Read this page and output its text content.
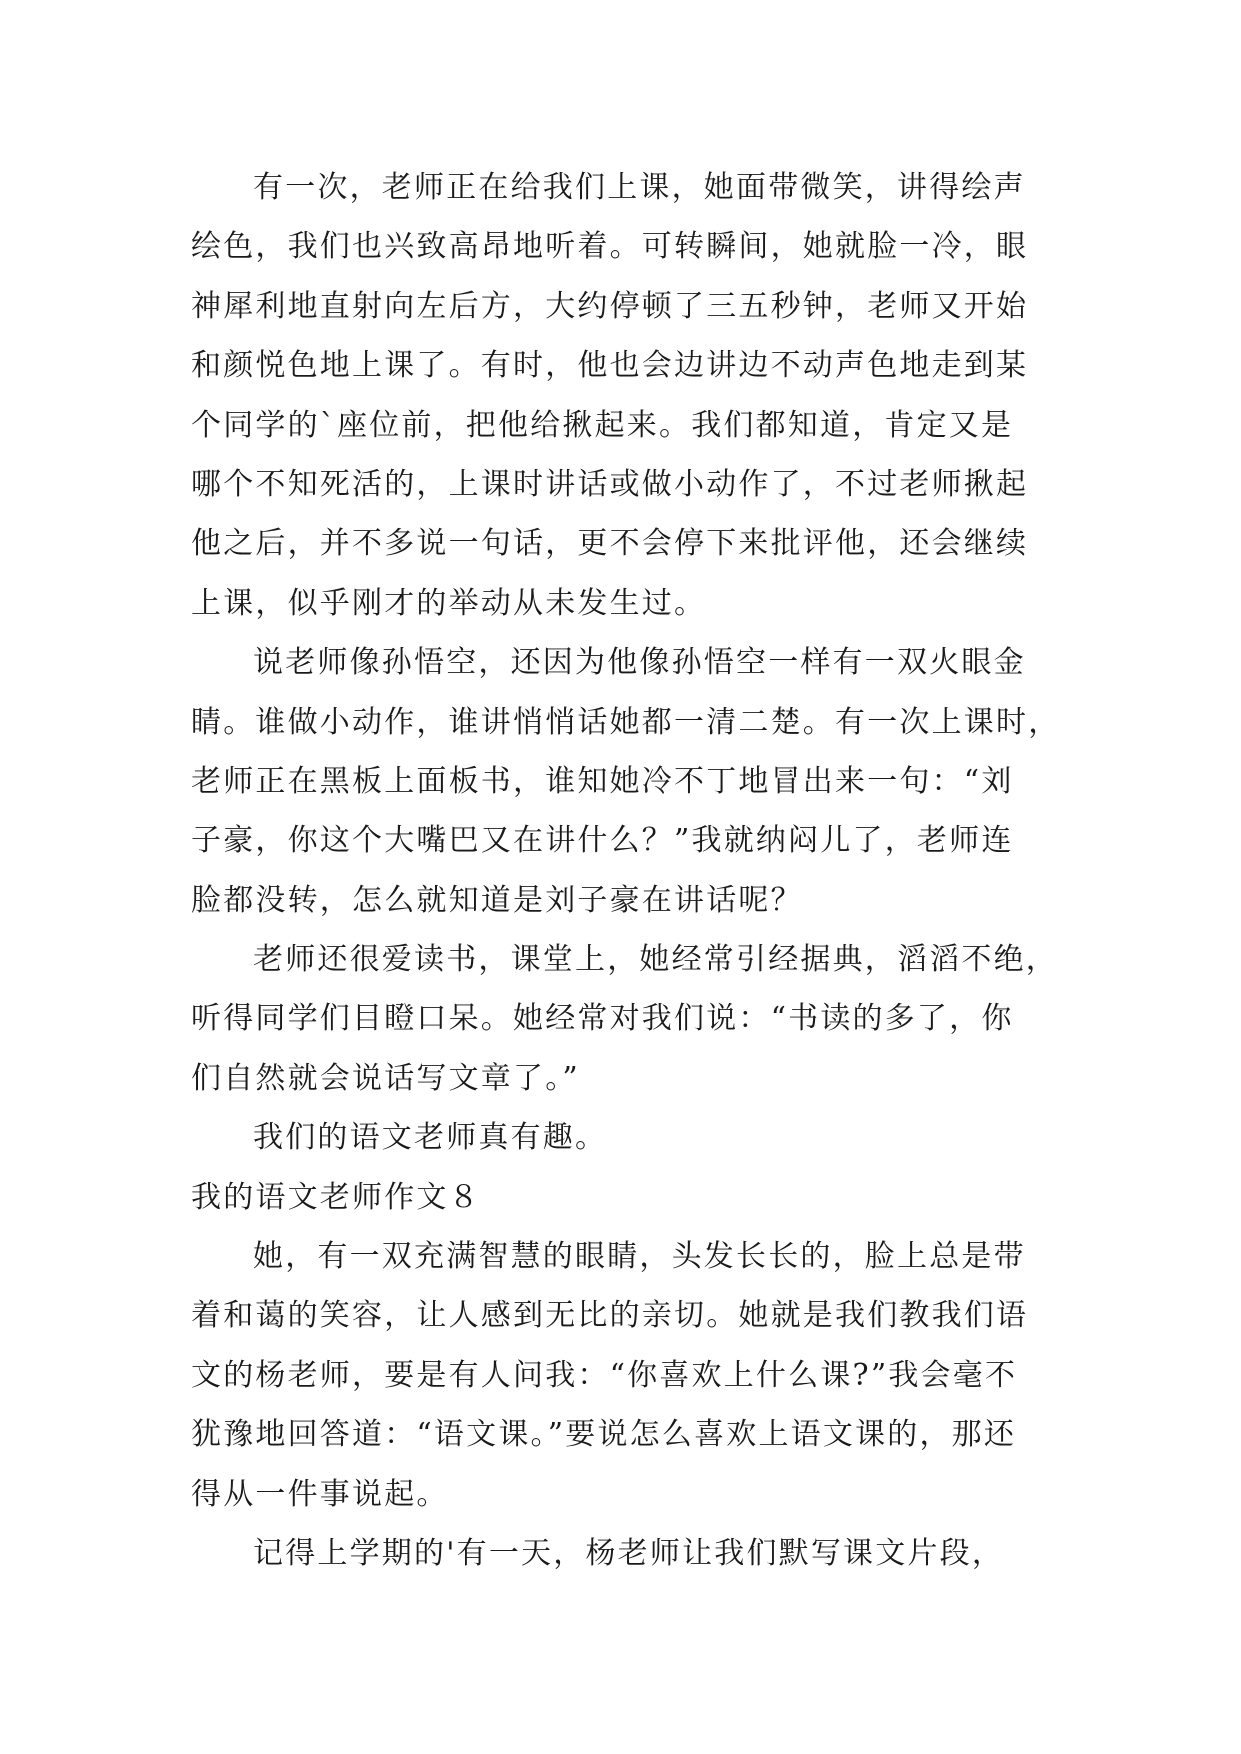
有一次，老师正在给我们上课，她面带微笑，讲得绘声
绘色，我们也兴致高昂地听着。可转瞬间，她就脸一冷，眼
神犀利地直射向左后方，大约停顿了三五秒钟，老师又开始
和颜悦色地上课了。有时，他也会边讲边不动声色地走到某
个同学的`座位前，把他给揪起来。我们都知道，肯定又是
哪个不知死活的，上课时讲话或做小动作了，不过老师揪起
他之后，并不多说一句话，更不会停下来批评他，还会继续
上课，似乎刚才的举动从未发生过。
说老师像孙悟空，还因为他像孙悟空一样有一双火眼金
睛。谁做小动作，谁讲悄悄话她都一清二楚。有一次上课时，
老师正在黑板上面板书，谁知她冷不丁地冒出来一句：“刘
子豪，你这个大嘴巴又在讲什么？”我就纳闷儿了，老师连
脸都没转，怎么就知道是刘子豪在讲话呢？
老师还很爱读书，课堂上，她经常引经据典，滔滔不绝，
听得同学们目瞪口呆。她经常对我们说：“书读的多了，你
们自然就会说话写文章了。”
我们的语文老师真有趣。
我的语文老师作文８
她，有一双充满智慧的眼睛，头发长长的，脸上总是带
着和蔼的笑容，让人感到无比的亲切。她就是我们教我们语
文的杨老师，要是有人问我：“你喜欢上什么课?”我会毫不
犹豫地回答道：“语文课。”要说怎么喜欢上语文课的，那还
得从一件事说起。
记得上学期的'有一天，杨老师让我们默写课文片段，
